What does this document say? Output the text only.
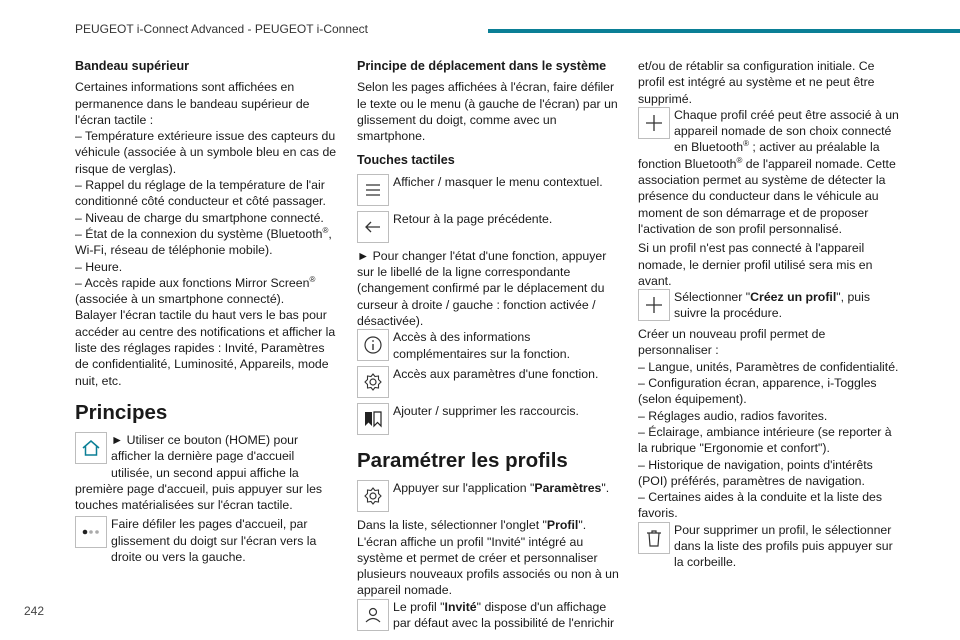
PEUGEOT i-Connect Advanced - PEUGEOT i-Connect
242
Bandeau supérieur

Certaines informations sont affichées en permanence dans le bandeau supérieur de l'écran tactile :

– Température extérieure issue des capteurs du véhicule (associée à un symbole bleu en cas de risque de verglas).

– Rappel du réglage de la température de l'air conditionné côté conducteur et côté passager.

– Niveau de charge du smartphone connecté.

– État de la connexion du système (Bluetooth®, Wi-Fi, réseau de téléphonie mobile).

– Heure.

– Accès rapide aux fonctions Mirror Screen® (associée à un smartphone connecté).

Balayer l'écran tactile du haut vers le bas pour accéder au centre des notifications et afficher la liste des réglages rapides : Invité, Paramètres de confidentialité, Luminosité, Appareils, mode nuit, etc.

Principes

► Utiliser ce bouton (HOME) pour afficher la dernière page d'accueil utilisée, un second appui affiche la première page d'accueil, puis appuyer sur les touches matérialisées sur l'écran tactile.

Faire défiler les pages d'accueil, par glissement du doigt sur l'écran vers la droite ou vers la gauche.

Principe de déplacement dans le système

Selon les pages affichées à l'écran, faire défiler le texte ou le menu (à gauche de l'écran) par un glissement du doigt, comme avec un smartphone.

Touches tactiles

Afficher / masquer le menu contextuel.

Retour à la page précédente.

► Pour changer l'état d'une fonction, appuyer sur le libellé de la ligne correspondante (changement confirmé par le déplacement du curseur à droite / gauche : fonction activée / désactivée).

Accès à des informations complémentaires sur la fonction.

Accès aux paramètres d'une fonction.

Ajouter / supprimer les raccourcis.

Paramétrer les profils

Appuyer sur l'application "Paramètres".

Dans la liste, sélectionner l'onglet "Profil".

L'écran affiche un profil "Invité" intégré au système et permet de créer et personnaliser plusieurs nouveaux profils associés ou non à un appareil nomade.

Le profil "Invité" dispose d'un affichage par défaut avec la possibilité de l'enrichir

et/ou de rétablir sa configuration initiale. Ce profil est intégré au système et ne peut être supprimé.

Chaque profil créé peut être associé à un appareil nomade de son choix connecté en Bluetooth® ; activer au préalable la fonction Bluetooth® de l'appareil nomade. Cette association permet au système de détecter la présence du conducteur dans le véhicule au moment de son démarrage et de proposer l'activation de son profil personnalisé.

Si un profil n'est pas connecté à l'appareil nomade, le dernier profil utilisé sera mis en avant.

Sélectionner "Créez un profil", puis suivre la procédure.

Créer un nouveau profil permet de personnaliser :

– Langue, unités, Paramètres de confidentialité.

– Configuration écran, apparence, i-Toggles (selon équipement).

– Réglages audio, radios favorites.

– Éclairage, ambiance intérieure (se reporter à la rubrique "Ergonomie et confort").

– Historique de navigation, points d'intérêts (POI) préférés, paramètres de navigation.

– Certaines aides à la conduite et la liste des favoris.

Pour supprimer un profil, le sélectionner dans la liste des profils puis appuyer sur la corbeille.
